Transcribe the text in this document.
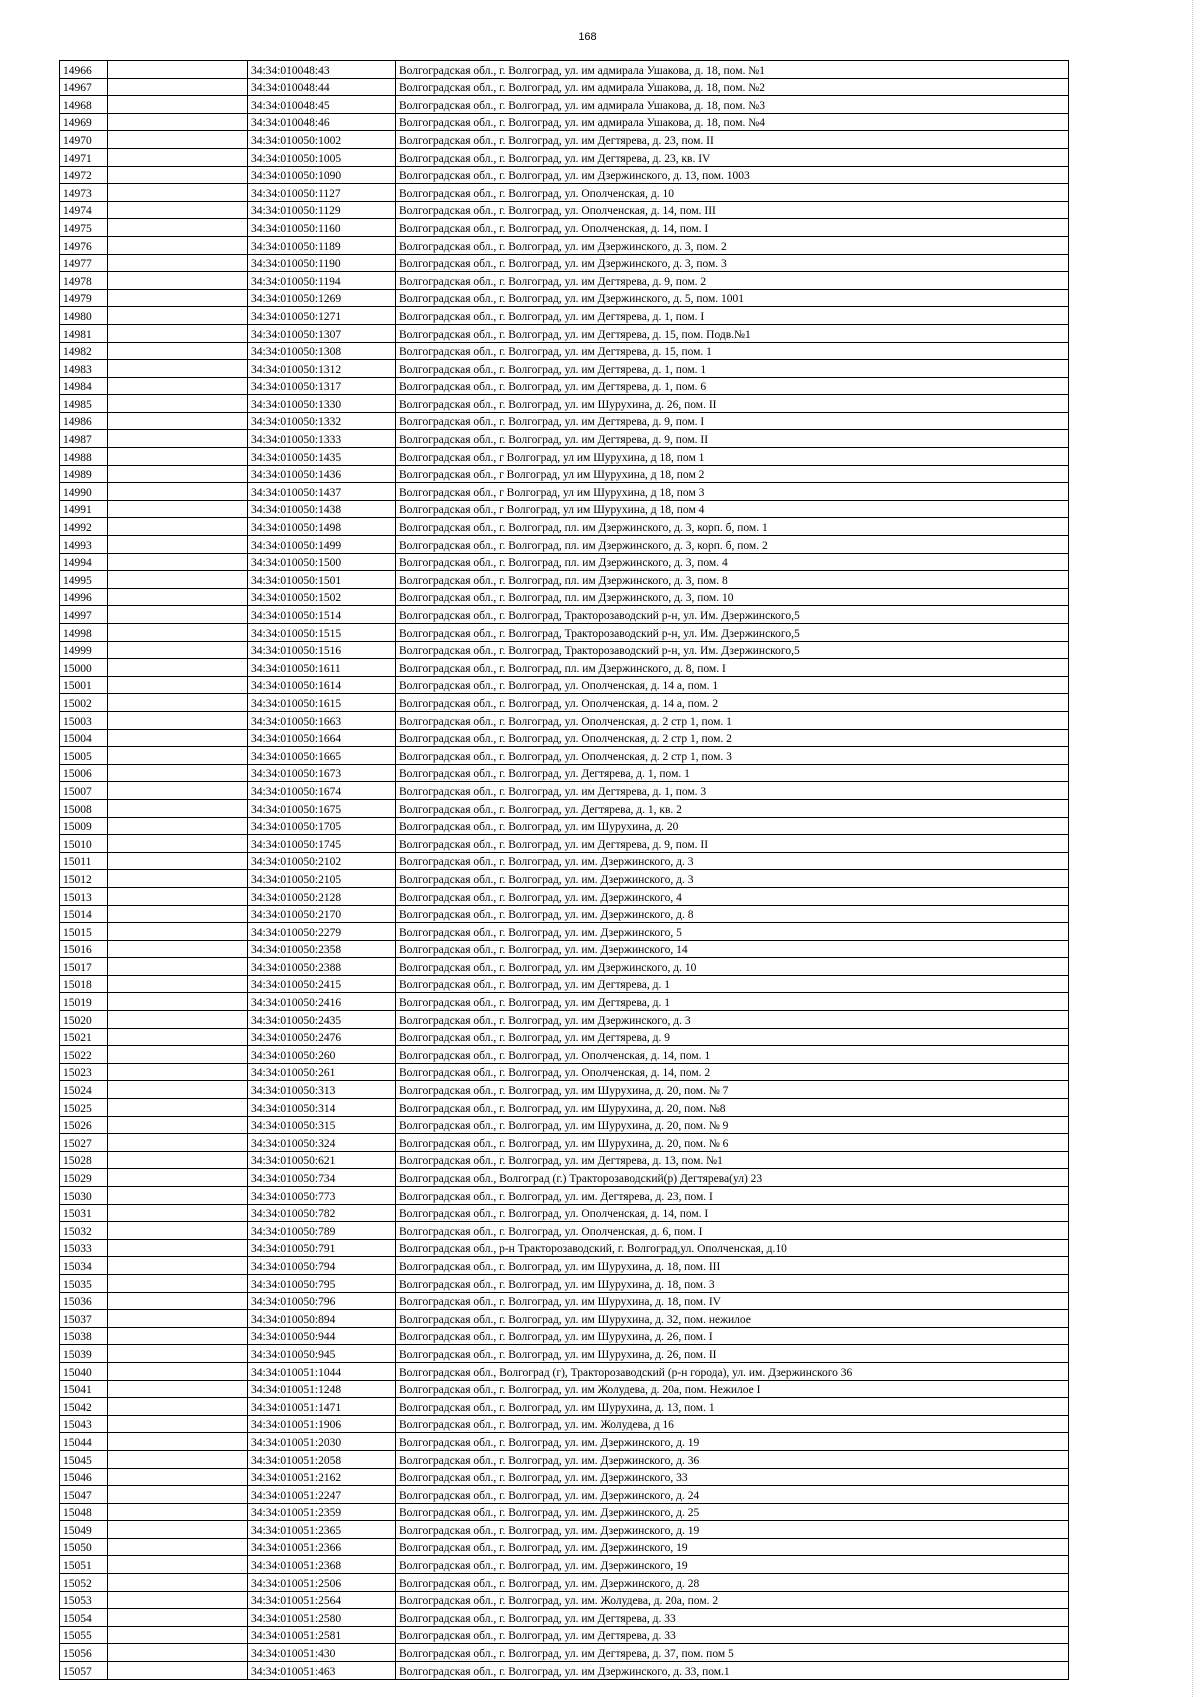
168
14966		34:34:010048:43	Волгоградская обл., г. Волгоград, ул. им адмирала Ушакова, д. 18, пом. №1
14967		34:34:010048:44	Волгоградская обл., г. Волгоград, ул. им адмирала Ушакова, д. 18, пом. №2
14968		34:34:010048:45	Волгоградская обл., г. Волгоград, ул. им адмирала Ушакова, д. 18, пом. №3
14969		34:34:010048:46	Волгоградская обл., г. Волгоград, ул. им адмирала Ушакова, д. 18, пом. №4
14970		34:34:010050:1002	Волгоградская обл., г. Волгоград, ул. им Дегтярева, д. 23, пом. II
14971		34:34:010050:1005	Волгоградская обл., г. Волгоград, ул. им Дегтярева, д. 23, кв. IV
14972		34:34:010050:1090	Волгоградская обл., г. Волгоград, ул. им Дзержинского, д. 13, пом. 1003
14973		34:34:010050:1127	Волгоградская обл., г. Волгоград, ул. Ополченская, д. 10
14974		34:34:010050:1129	Волгоградская обл., г. Волгоград, ул. Ополченская, д. 14, пом. III
14975		34:34:010050:1160	Волгоградская обл., г. Волгоград, ул. Ополченская, д. 14, пом. I
14976		34:34:010050:1189	Волгоградская обл., г. Волгоград, ул. им Дзержинского, д. 3, пом. 2
14977		34:34:010050:1190	Волгоградская обл., г. Волгоград, ул. им Дзержинского, д. 3, пом. 3
14978		34:34:010050:1194	Волгоградская обл., г. Волгоград, ул. им Дегтярева, д. 9, пом. 2
14979		34:34:010050:1269	Волгоградская обл., г. Волгоград, ул. им Дзержинского, д. 5, пом. 1001
14980		34:34:010050:1271	Волгоградская обл., г. Волгоград, ул. им Дегтярева, д. 1, пом. I
14981		34:34:010050:1307	Волгоградская обл., г. Волгоград, ул. им Дегтярева, д. 15, пом. Подв.№1
14982		34:34:010050:1308	Волгоградская обл., г. Волгоград, ул. им Дегтярева, д. 15, пом. 1
14983		34:34:010050:1312	Волгоградская обл., г. Волгоград, ул. им Дегтярева, д. 1, пом. 1
14984		34:34:010050:1317	Волгоградская обл., г. Волгоград, ул. им Дегтярева, д. 1, пом. 6
14985		34:34:010050:1330	Волгоградская обл., г. Волгоград, ул. им Шурухина, д. 26, пом. II
14986		34:34:010050:1332	Волгоградская обл., г. Волгоград, ул. им Дегтярева, д. 9, пом. I
14987		34:34:010050:1333	Волгоградская обл., г. Волгоград, ул. им Дегтярева, д. 9, пом. II
14988		34:34:010050:1435	Волгоградская обл., г Волгоград, ул им Шурухина, д 18, пом 1
14989		34:34:010050:1436	Волгоградская обл., г Волгоград, ул им Шурухина, д 18, пом 2
14990		34:34:010050:1437	Волгоградская обл., г Волгоград, ул им Шурухина, д 18, пом 3
14991		34:34:010050:1438	Волгоградская обл., г Волгоград, ул им Шурухина, д 18, пом 4
14992		34:34:010050:1498	Волгоградская обл., г. Волгоград, пл. им Дзержинского, д. 3, корп. б, пом. 1
14993		34:34:010050:1499	Волгоградская обл., г. Волгоград, пл. им Дзержинского, д. 3, корп. б, пом. 2
14994		34:34:010050:1500	Волгоградская обл., г. Волгоград, пл. им Дзержинского, д. 3, пом. 4
14995		34:34:010050:1501	Волгоградская обл., г. Волгоград, пл. им Дзержинского, д. 3, пом. 8
14996		34:34:010050:1502	Волгоградская обл., г. Волгоград, пл. им Дзержинского, д. 3, пом. 10
14997		34:34:010050:1514	Волгоградская обл., г. Волгоград, Тракторозаводский р-н, ул. Им. Дзержинского,5
14998		34:34:010050:1515	Волгоградская обл., г. Волгоград, Тракторозаводский р-н, ул. Им. Дзержинского,5
14999		34:34:010050:1516	Волгоградская обл., г. Волгоград, Тракторозаводский р-н, ул. Им. Дзержинского,5
15000		34:34:010050:1611	Волгоградская обл., г. Волгоград, пл. им Дзержинского, д. 8, пом. I
15001		34:34:010050:1614	Волгоградская обл., г. Волгоград, ул. Ополченская, д. 14 а, пом. 1
15002		34:34:010050:1615	Волгоградская обл., г. Волгоград, ул. Ополченская, д. 14 а, пом. 2
15003		34:34:010050:1663	Волгоградская обл., г. Волгоград, ул. Ополченская, д. 2 стр 1, пом. 1
15004		34:34:010050:1664	Волгоградская обл., г. Волгоград, ул. Ополченская, д. 2 стр 1, пом. 2
15005		34:34:010050:1665	Волгоградская обл., г. Волгоград, ул. Ополченская, д. 2 стр 1, пом. 3
15006		34:34:010050:1673	Волгоградская обл., г. Волгоград, ул. Дегтярева, д. 1, пом. 1
15007		34:34:010050:1674	Волгоградская обл., г. Волгоград, ул. им Дегтярева, д. 1, пом. 3
15008		34:34:010050:1675	Волгоградская обл., г. Волгоград, ул. Дегтярева, д. 1, кв. 2
15009		34:34:010050:1705	Волгоградская обл., г. Волгоград, ул. им Шурухина, д. 20
15010		34:34:010050:1745	Волгоградская обл., г. Волгоград, ул. им Дегтярева, д. 9, пом. II
15011		34:34:010050:2102	Волгоградская обл., г. Волгоград, ул. им. Дзержинского, д. 3
15012		34:34:010050:2105	Волгоградская обл., г. Волгоград, ул. им. Дзержинского, д. 3
15013		34:34:010050:2128	Волгоградская обл., г. Волгоград, ул. им. Дзержинского, 4
15014		34:34:010050:2170	Волгоградская обл., г. Волгоград, ул. им. Дзержинского, д. 8
15015		34:34:010050:2279	Волгоградская обл., г. Волгоград, ул. им. Дзержинского, 5
15016		34:34:010050:2358	Волгоградская обл., г. Волгоград, ул. им. Дзержинского, 14
15017		34:34:010050:2388	Волгоградская обл., г. Волгоград, ул. им Дзержинского, д. 10
15018		34:34:010050:2415	Волгоградская обл., г. Волгоград, ул. им Дегтярева, д. 1
15019		34:34:010050:2416	Волгоградская обл., г. Волгоград, ул. им Дегтярева, д. 1
15020		34:34:010050:2435	Волгоградская обл., г. Волгоград, ул. им Дзержинского, д. 3
15021		34:34:010050:2476	Волгоградская обл., г. Волгоград, ул. им Дегтярева, д. 9
15022		34:34:010050:260	Волгоградская обл., г. Волгоград, ул. Ополченская, д. 14, пом. 1
15023		34:34:010050:261	Волгоградская обл., г. Волгоград, ул. Ополченская, д. 14, пом. 2
15024		34:34:010050:313	Волгоградская обл., г. Волгоград, ул. им Шурухина, д. 20, пом. № 7
15025		34:34:010050:314	Волгоградская обл., г. Волгоград, ул. им Шурухина, д. 20, пом. №8
15026		34:34:010050:315	Волгоградская обл., г. Волгоград, ул. им Шурухина, д. 20, пом. № 9
15027		34:34:010050:324	Волгоградская обл., г. Волгоград, ул. им Шурухина, д. 20, пом. № 6
15028		34:34:010050:621	Волгоградская обл., г. Волгоград, ул. им Дегтярева, д. 13, пом. №1
15029		34:34:010050:734	Волгоградская обл., Волгоград (г.) Тракторозаводский(р) Дегтярева(ул) 23
15030		34:34:010050:773	Волгоградская обл., г. Волгоград, ул. им. Дегтярева, д. 23, пом. I
15031		34:34:010050:782	Волгоградская обл., г. Волгоград, ул. Ополченская, д. 14, пом. I
15032		34:34:010050:789	Волгоградская обл., г. Волгоград, ул. Ополченская, д. 6, пом. I
15033		34:34:010050:791	Волгоградская обл., р-н Тракторозаводский, г. Волгоград,ул. Ополченская, д.10
15034		34:34:010050:794	Волгоградская обл., г. Волгоград, ул. им Шурухина, д. 18, пом. III
15035		34:34:010050:795	Волгоградская обл., г. Волгоград, ул. им Шурухина, д. 18, пом. 3
15036		34:34:010050:796	Волгоградская обл., г. Волгоград, ул. им Шурухина, д. 18, пом. IV
15037		34:34:010050:894	Волгоградская обл., г. Волгоград, ул. им Шурухина, д. 32, пом. нежилое
15038		34:34:010050:944	Волгоградская обл., г. Волгоград, ул. им Шурухина, д. 26, пом. I
15039		34:34:010050:945	Волгоградская обл., г. Волгоград, ул. им Шурухина, д. 26, пом. II
15040		34:34:010051:1044	Волгоградская обл., Волгоград (г), Тракторозаводский (р-н города), ул. им. Дзержинского 36
15041		34:34:010051:1248	Волгоградская обл., г. Волгоград, ул. им Жолудева, д. 20а, пом. Нежилое I
15042		34:34:010051:1471	Волгоградская обл., г. Волгоград, ул. им Шурухина, д. 13, пом. 1
15043		34:34:010051:1906	Волгоградская обл., г. Волгоград, ул. им. Жолудева, д 16
15044		34:34:010051:2030	Волгоградская обл., г. Волгоград, ул. им. Дзержинского, д. 19
15045		34:34:010051:2058	Волгоградская обл., г. Волгоград, ул. им. Дзержинского, д. 36
15046		34:34:010051:2162	Волгоградская обл., г. Волгоград, ул. им. Дзержинского, 33
15047		34:34:010051:2247	Волгоградская обл., г. Волгоград, ул. им. Дзержинского, д. 24
15048		34:34:010051:2359	Волгоградская обл., г. Волгоград, ул. им. Дзержинского, д. 25
15049		34:34:010051:2365	Волгоградская обл., г. Волгоград, ул. им. Дзержинского, д. 19
15050		34:34:010051:2366	Волгоградская обл., г. Волгоград, ул. им. Дзержинского, 19
15051		34:34:010051:2368	Волгоградская обл., г. Волгоград, ул. им. Дзержинского, 19
15052		34:34:010051:2506	Волгоградская обл., г. Волгоград, ул. им. Дзержинского, д. 28
15053		34:34:010051:2564	Волгоградская обл., г. Волгоград, ул. им. Жолудева, д. 20а, пом. 2
15054		34:34:010051:2580	Волгоградская обл., г. Волгоград, ул. им Дегтярева, д. 33
15055		34:34:010051:2581	Волгоградская обл., г. Волгоград, ул. им Дегтярева, д. 33
15056		34:34:010051:430	Волгоградская обл., г. Волгоград, ул. им Дегтярева, д. 37, пом. пом 5
15057		34:34:010051:463	Волгоградская обл., г. Волгоград, ул. им Дзержинского, д. 33, пом.1
